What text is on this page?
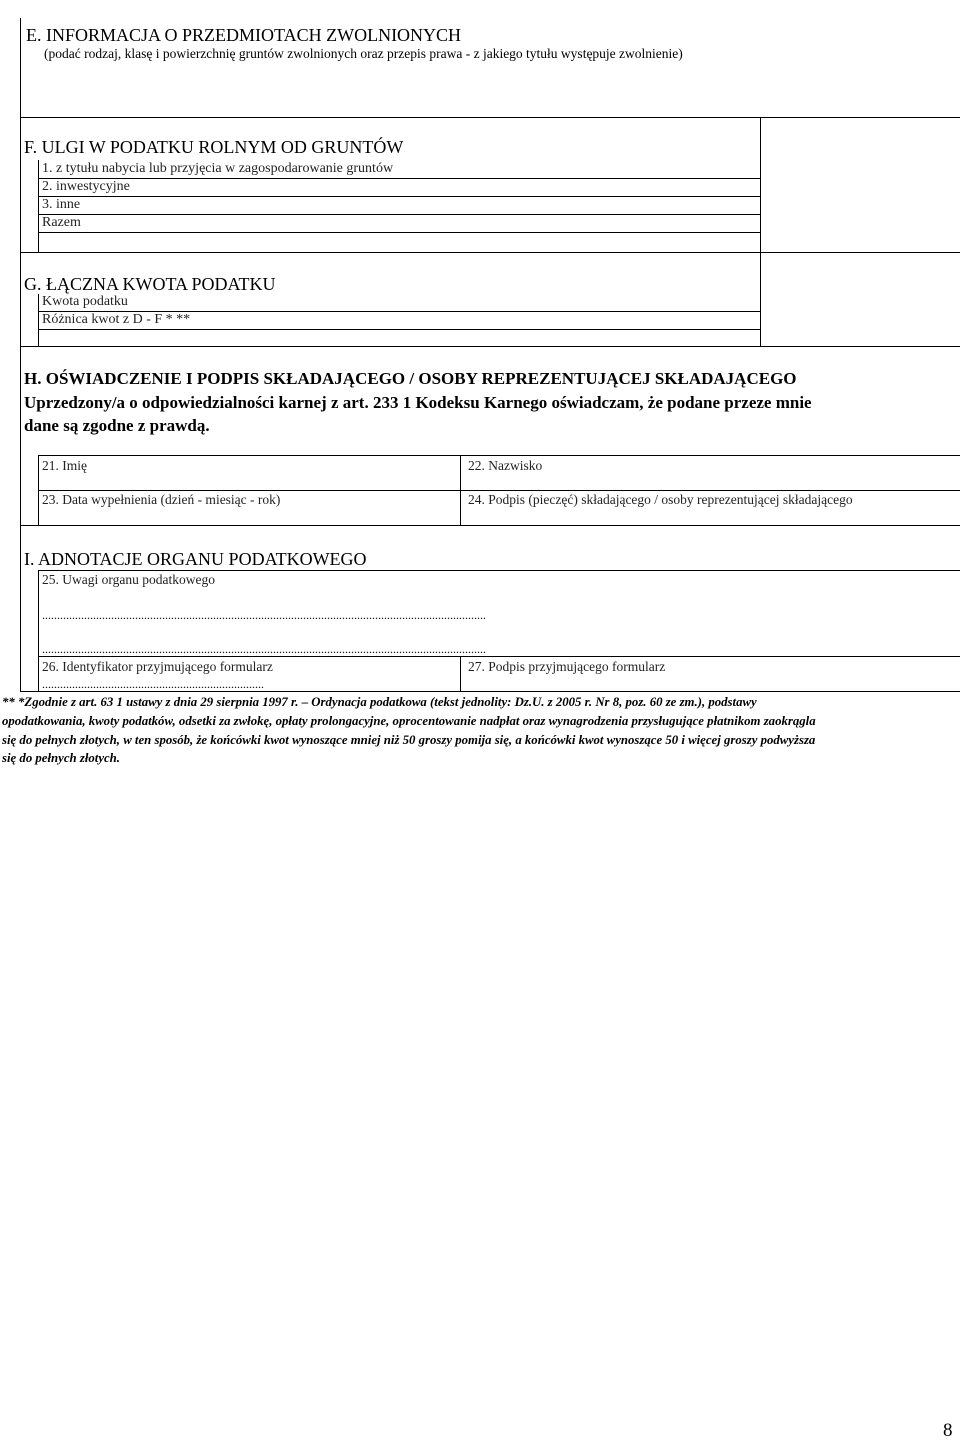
E. INFORMACJA O PRZEDMIOTACH ZWOLNIONYCH
(podać rodzaj, klasę i powierzchnię gruntów zwolnionych oraz przepis prawa - z jakiego tytułu występuje zwolnienie)
F. ULGI W PODATKU ROLNYM OD GRUNTÓW
1. z tytułu nabycia lub przyjęcia w zagospodarowanie gruntów
2. inwestycyjne
3. inne
Razem
G. ŁĄCZNA KWOTA PODATKU
Kwota podatku
Różnica kwot z D - F * **
H. OŚWIADCZENIE I PODPIS SKŁADAJĄCEGO / OSOBY REPREZENTUJĄCEJ SKŁADAJĄCEGO
Uprzedzony/a o odpowiedzialności karnej z art. 233 1 Kodeksu Karnego oświadczam, że podane przeze mnie
dane są zgodne z prawdą.
21. Imię	22. Nazwisko
23. Data wypełnienia (dzień - miesiąc - rok)	24. Podpis (pieczęć) składającego / osoby reprezentującej składającego
I. ADNOTACJE ORGANU PODATKOWEGO
25. Uwagi organu podatkowego
....................................................................................................................................................
....................................................................................................................................................
26. Identyfikator przyjmującego formularz	27. Podpis przyjmującego formularz
..........................................................................
** *Zgodnie z art. 63 1 ustawy z dnia 29 sierpnia 1997 r. – Ordynacja podatkowa (tekst jednolity: Dz.U. z 2005 r. Nr 8, poz. 60 ze zm.), podstawy
opodatkowania, kwoty podatków, odsetki za zwłokę, opłaty prolongacyjne, oprocentowanie nadpłat oraz wynagrodzenia przysługujące płatnikom zaokrągla
się do pełnych złotych, w ten sposób, że końcówki kwot wynoszące mniej niż 50 groszy pomija się, a końcówki kwot wynoszące 50 i więcej groszy podwyższa
się do pełnych złotych.
8
